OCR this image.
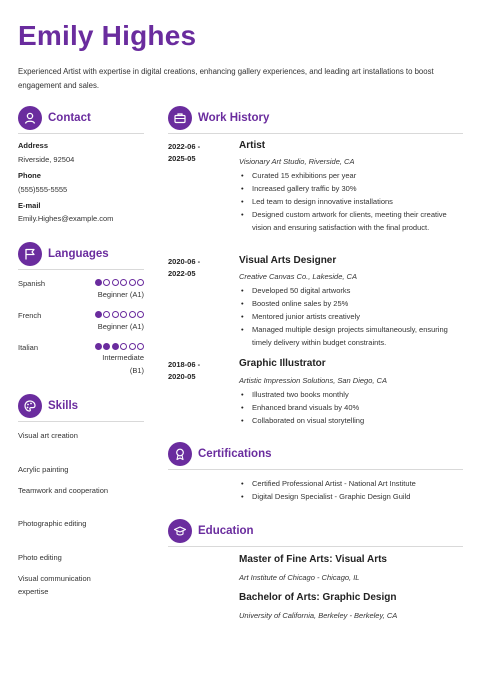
Emily Highes
Experienced Artist with expertise in digital creations, enhancing gallery experiences, and leading art installations to boost engagement and sales.
Contact
Address
Riverside, 92504
Phone
(555)555-5555
E-mail
Emily.Highes@example.com
Languages
Spanish
Beginner (A1)
French
Beginner (A1)
Italian
Intermediate
(B1)
Skills
Visual art creation
Acrylic painting
Teamwork and cooperation
Photographic editing
Photo editing
Visual communication expertise
Work History
2022-06 -
2025-05
Artist
Visionary Art Studio, Riverside, CA
• Curated 15 exhibitions per year
• Increased gallery traffic by 30%
• Led team to design innovative installations
• Designed custom artwork for clients, meeting their creative vision and ensuring satisfaction with the final product.
2020-06 -
2022-05
Visual Arts Designer
Creative Canvas Co., Lakeside, CA
• Developed 50 digital artworks
• Boosted online sales by 25%
• Mentored junior artists creatively
• Managed multiple design projects simultaneously, ensuring timely delivery within budget constraints.
2018-06 -
2020-05
Graphic Illustrator
Artistic Impression Solutions, San Diego, CA
• Illustrated two books monthly
• Enhanced brand visuals by 40%
• Collaborated on visual storytelling
Certifications
• Certified Professional Artist - National Art Institute
• Digital Design Specialist - Graphic Design Guild
Education
Master of Fine Arts: Visual Arts
Art Institute of Chicago - Chicago, IL
Bachelor of Arts: Graphic Design
University of California, Berkeley - Berkeley, CA
